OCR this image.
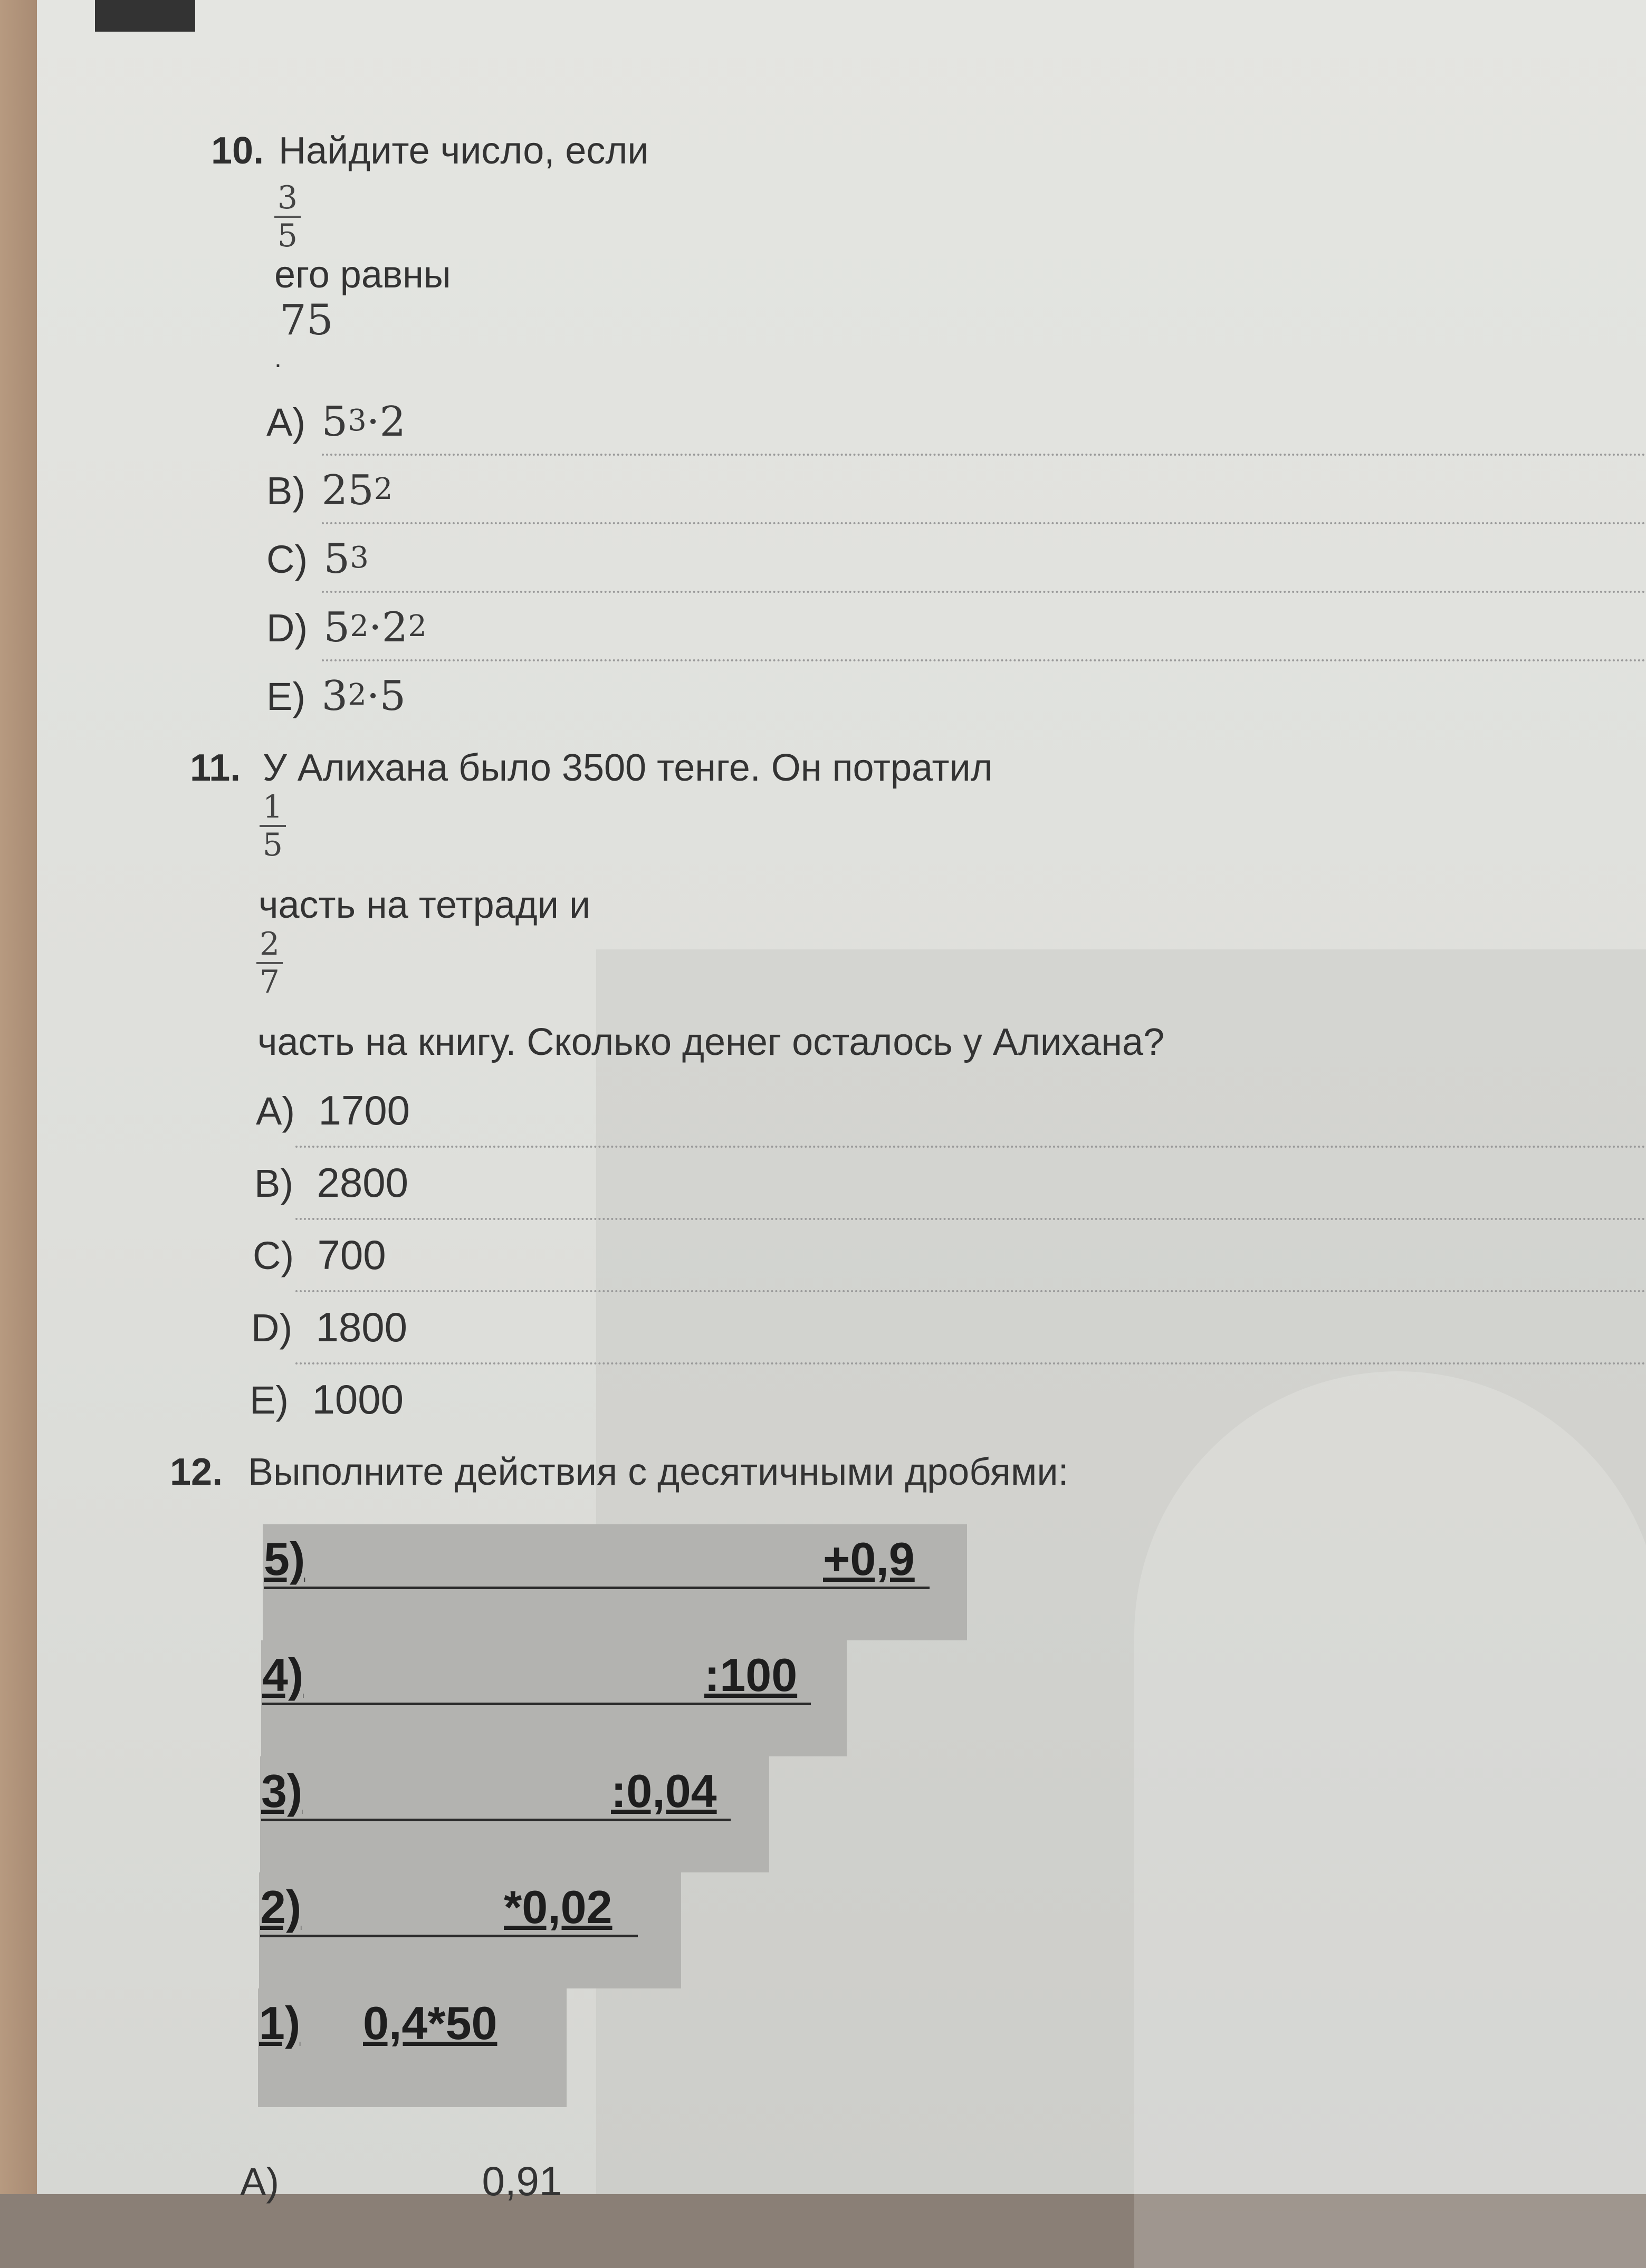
10. Найдите число, если
3
5
его равны
75
.
A) $5^3\cdot 2$
B) $25^2$
C) $5^3$
D) $5^2\cdot 2^2$
E) $3^2\cdot 5$
11. У Алихана было 3500 тенге. Он потратил
1
5
часть на тетради и
2
7
часть на книгу. Сколько денег осталось у Алихана?
A) 1700
B) 2800
C) 700
D) 1800
E) 1000
12. Выполните действия с десятичными дробями:
5)	+0,9
4)	:100
3)	:0,04
2)	*0,02
1) 0,4*50
A)	0,91
